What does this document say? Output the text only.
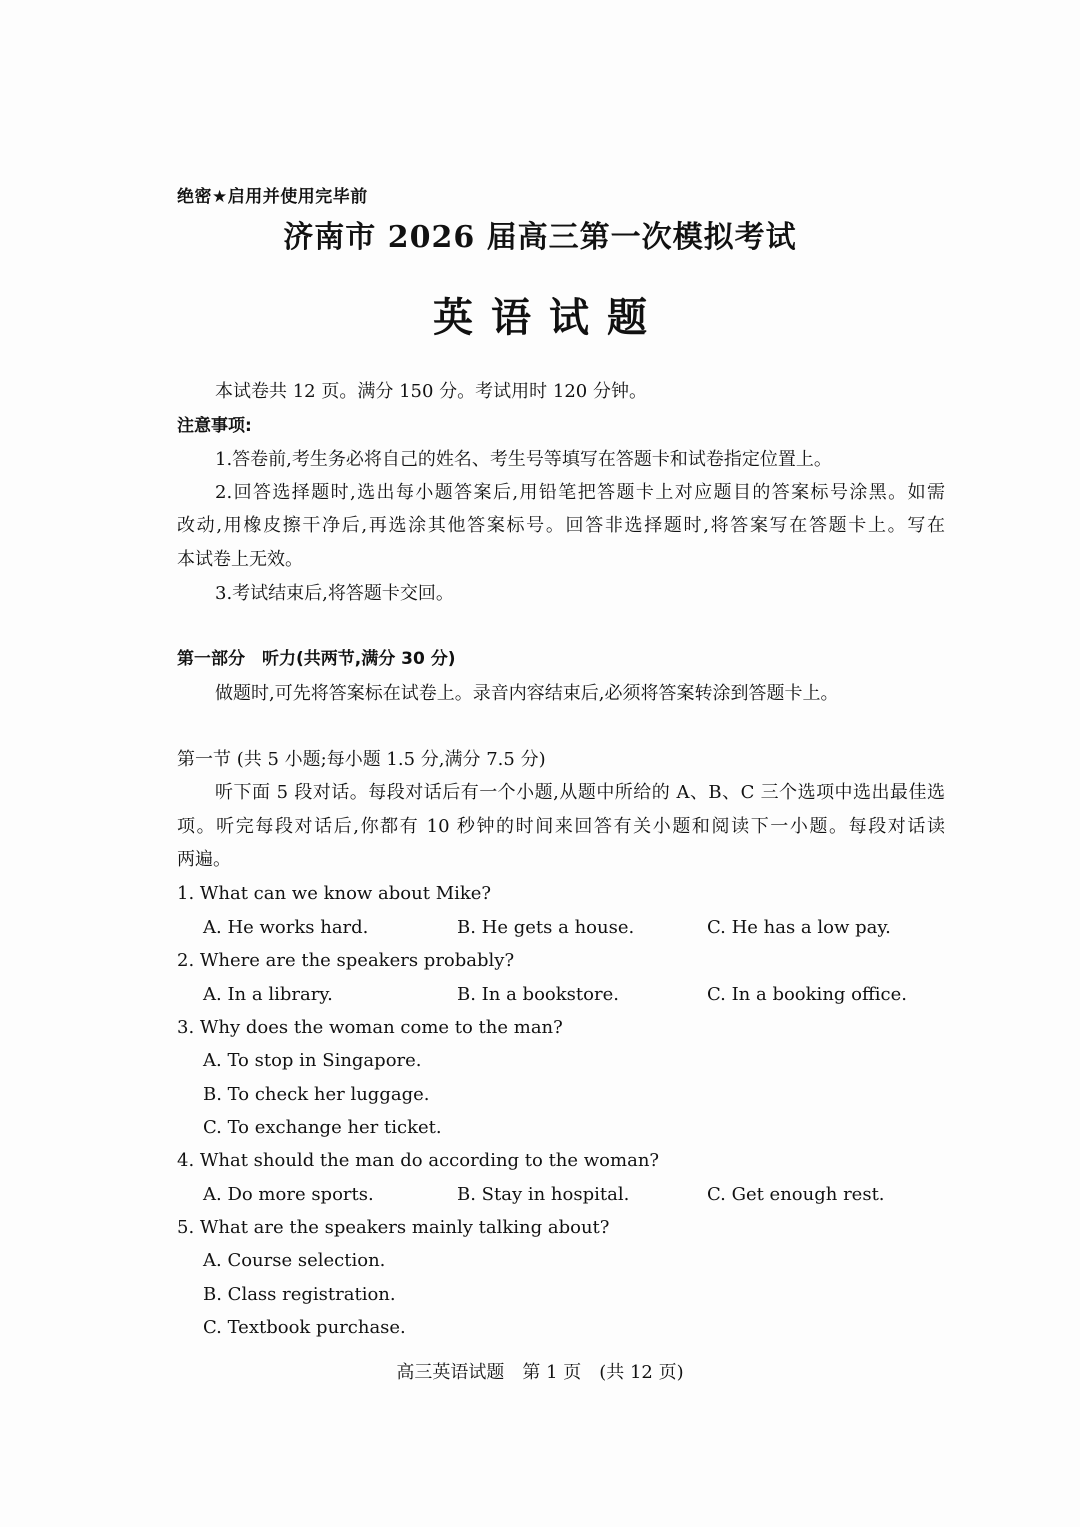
绝密★启用并使用完毕前
济南市 2026 届高三第一次模拟考试
英语试题
本试卷共 12 页。满分 150 分。考试用时 120 分钟。
注意事项:
1.答卷前,考生务必将自己的姓名、考生号等填写在答题卡和试卷指定位置上。
2.回答选择题时,选出每小题答案后,用铅笔把答题卡上对应题目的答案标号涂黑。如需
改动,用橡皮擦干净后,再选涂其他答案标号。回答非选择题时,将答案写在答题卡上。写在
本试卷上无效。
3.考试结束后,将答题卡交回。
第一部分　听力(共两节,满分 30 分)
做题时,可先将答案标在试卷上。录音内容结束后,必须将答案转涂到答题卡上。
第一节 (共 5 小题;每小题 1.5 分,满分 7.5 分)
听下面 5 段对话。每段对话后有一个小题,从题中所给的 A、B、C 三个选项中选出最佳选
项。听完每段对话后,你都有 10 秒钟的时间来回答有关小题和阅读下一小题。每段对话读
两遍。
1. What can we know about Mike?
A. He works hard.	B. He gets a house.	C. He has a low pay.
2. Where are the speakers probably?
A. In a library.	B. In a bookstore.	C. In a booking office.
3. Why does the woman come to the man?
A. To stop in Singapore.
B. To check her luggage.
C. To exchange her ticket.
4. What should the man do according to the woman?
A. Do more sports.	B. Stay in hospital.	C. Get enough rest.
5. What are the speakers mainly talking about?
A. Course selection.
B. Class registration.
C. Textbook purchase.
高三英语试题　第 1 页　(共 12 页)
